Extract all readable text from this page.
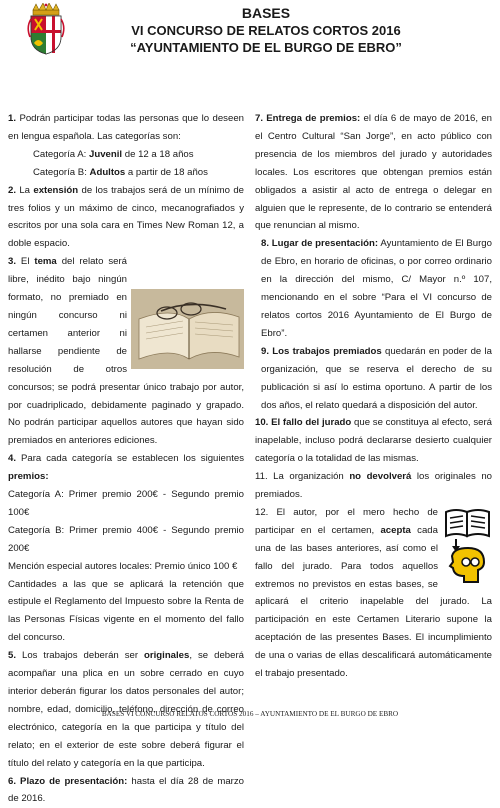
BASES
VI CONCURSO DE RELATOS CORTOS 2016
“AYUNTAMIENTO DE EL BURGO DE EBRO”

1. Podrán participar todas las personas que lo deseen en lengua española. Las categorías son:

Categoría A: Juvenil de 12 a 18 años

Categoría B: Adultos a partir de 18 años

2. La extensión de los trabajos será de un mínimo de tres folios y un máximo de cinco, mecanografiados y escritos por una sola cara en Times New Roman 12, a doble espacio.

3. El tema del relato será libre, inédito bajo ningún formato, no premiado en ningún concurso ni certamen anterior ni hallarse pendiente de resolución de otros concursos; se podrá presentar único trabajo por autor, por cuadriplicado, debidamente paginado y grapado. No podrán participar aquellos autores que hayan sido premiados en anteriores ediciones.

4. Para cada categoría se establecen los siguientes premios:

Categoría A: Primer premio 200€ - Segundo premio 100€

Categoría B: Primer premio 400€ - Segundo premio 200€

Mención especial autores locales: Premio único 100 €

Cantidades a las que se aplicará la retención que estipule el Reglamento del Impuesto sobre la Renta de las Personas Físicas vigente en el momento del fallo del concurso.

5. Los trabajos deberán ser originales, se deberá acompañar una plica en un sobre cerrado en cuyo interior deberán figurar los datos personales del autor; nombre, edad, domicilio, teléfono, dirección de correo electrónico, categoría en la que participa y título del relato; en el exterior de este sobre deberá figurar el título del relato y categoría en la que participa.

6. Plazo de presentación: hasta el día 28 de marzo de 2016.

7. Entrega de premios: el día 6 de mayo de 2016, en el Centro Cultural “San Jorge”, en acto público con presencia de los miembros del jurado y autoridades locales. Los escritores que obtengan premios están obligados a asistir al acto de entrega o delegar en alguien que le represente, de lo contrario se entenderá que renuncian al mismo.

8. Lugar de presentación: Ayuntamiento de El Burgo de Ebro, en horario de oficinas, o por correo ordinario en la dirección del mismo, C/ Mayor n.º 107, mencionando en el sobre “Para el VI concurso de relatos cortos 2016 Ayuntamiento de El Burgo de Ebro”.

9. Los trabajos premiados quedarán en poder de la organización, que se reserva el derecho de su publicación si así lo estima oportuno. A partir de los dos años, el relato quedará a disposición del autor.

10. El fallo del jurado que se constituya al efecto, será inapelable, incluso podrá declararse desierto cualquier categoría o la totalidad de las mismas.

11. La organización no devolverá los originales no premiados.

12. El autor, por el mero hecho de participar en el certamen, acepta cada una de las bases anteriores, así como el fallo del jurado. Para todos aquellos extremos no previstos en estas bases, se aplicará el criterio inapelable del jurado. La participación en este Certamen Literario supone la aceptación de las presentes Bases. El incumplimiento de una o varias de ellas descalificará automáticamente el trabajo presentado.

BASES VI CONCURSO RELATOS CORTOS 2016 – AYUNTAMIENTO DE EL BURGO DE EBRO
